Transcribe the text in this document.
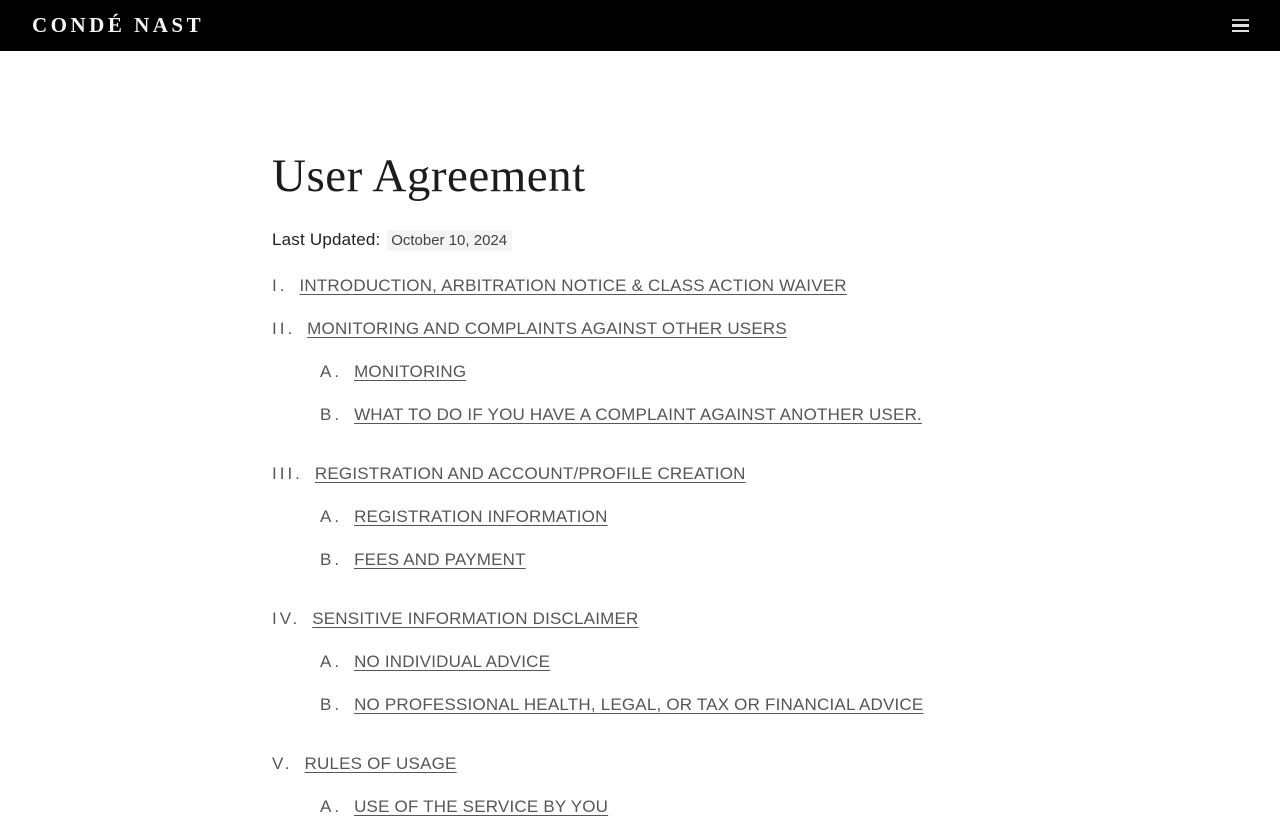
CONDÉ NAST
User Agreement

Last Updated: October 10, 2024

I. INTRODUCTION, ARBITRATION NOTICE & CLASS ACTION WAIVER
II. MONITORING AND COMPLAINTS AGAINST OTHER USERS
A. MONITORING
B. WHAT TO DO IF YOU HAVE A COMPLAINT AGAINST ANOTHER USER.
III. REGISTRATION AND ACCOUNT/PROFILE CREATION
A. REGISTRATION INFORMATION
B. FEES AND PAYMENT
IV. SENSITIVE INFORMATION DISCLAIMER
A. NO INDIVIDUAL ADVICE
B. NO PROFESSIONAL HEALTH, LEGAL, OR TAX OR FINANCIAL ADVICE
V. RULES OF USAGE
A. USE OF THE SERVICE BY YOU
